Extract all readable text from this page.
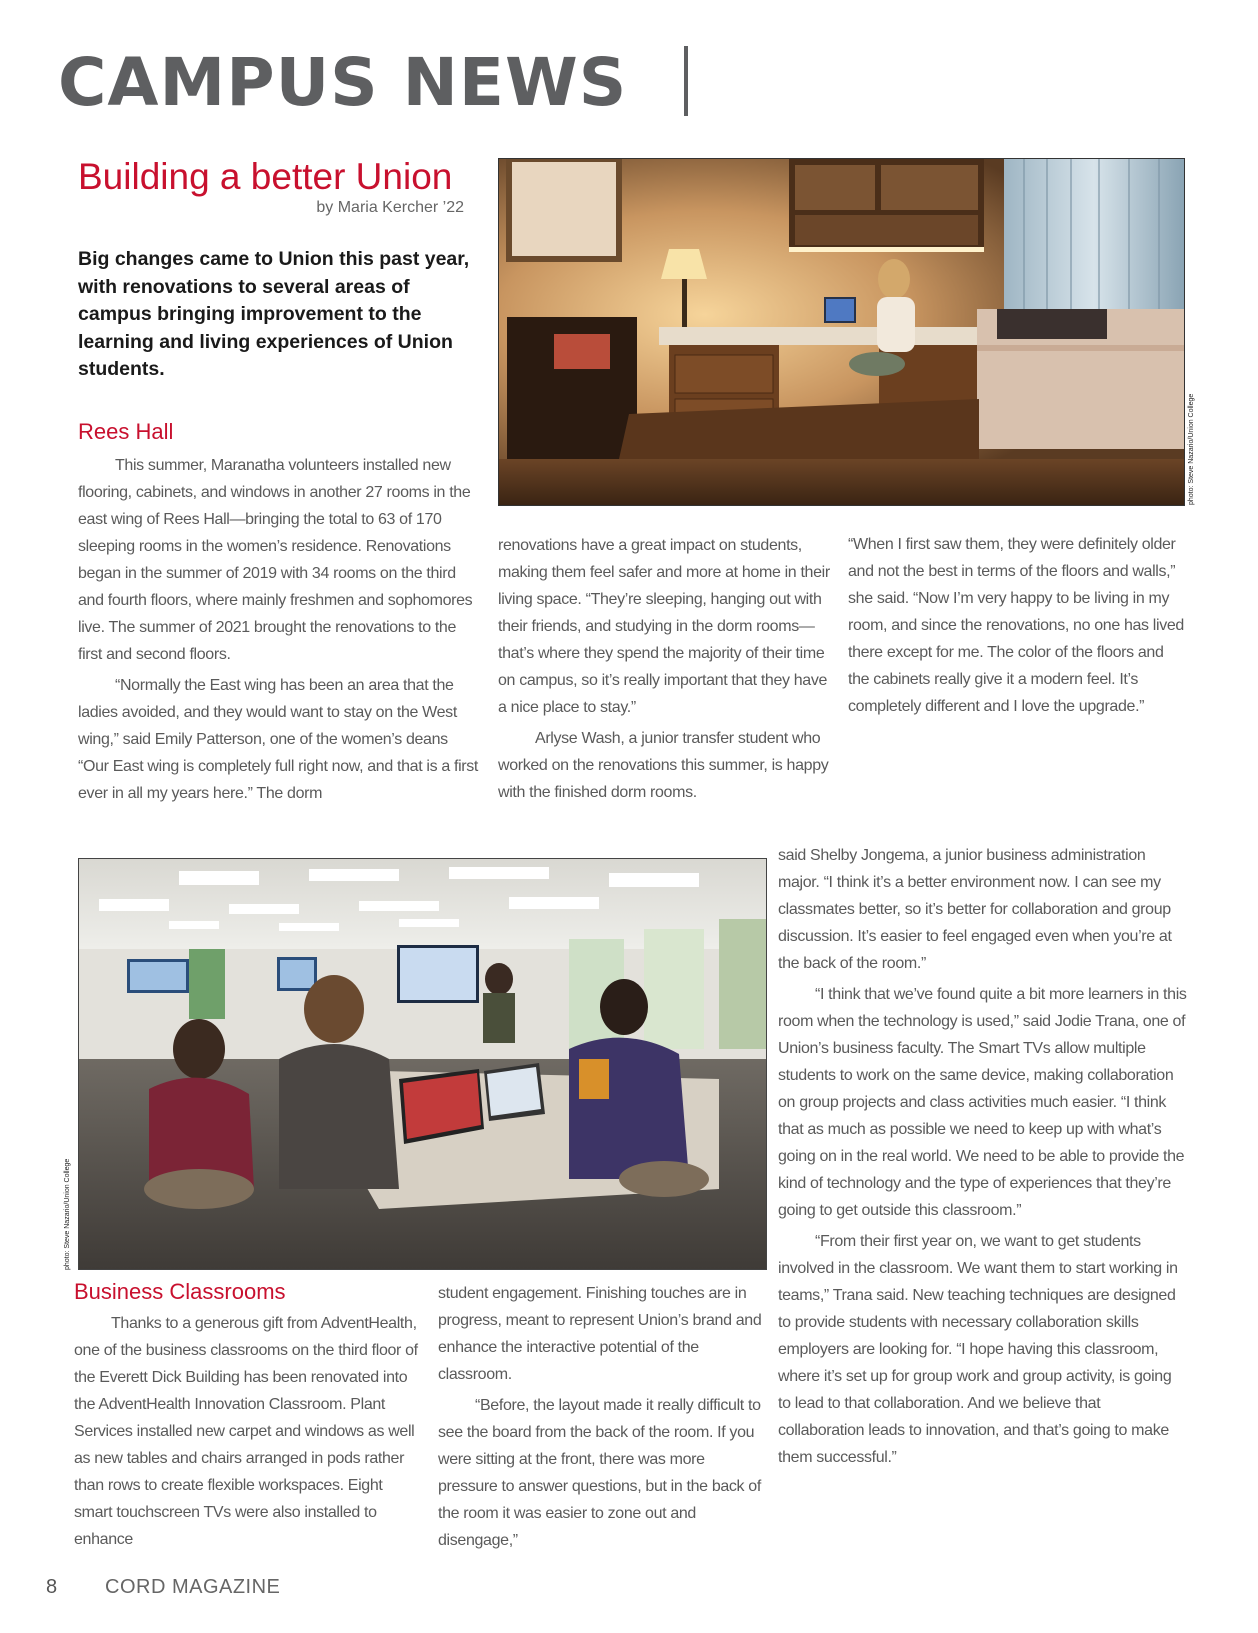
CAMPUS NEWS
Building a better Union
by Maria Kercher ’22
Big changes came to Union this past year, with renovations to several areas of campus bringing improvement to the learning and living experiences of Union students.
photo: Steve Nazario/Union College
Rees Hall

This summer, Maranatha volunteers installed new flooring, cabinets, and windows in another 27 rooms in the east wing of Rees Hall—bringing the total to 63 of 170 sleeping rooms in the women’s residence. Renovations began in the summer of 2019 with 34 rooms on the third and fourth floors, where mainly freshmen and sophomores live. The summer of 2021 brought the renovations to the first and second floors.

“Normally the East wing has been an area that the ladies avoided, and they would want to stay on the West wing,” said Emily Patterson, one of the women’s deans “Our East wing is completely full right now, and that is a first ever in all my years here.” The dorm

renovations have a great impact on students, making them feel safer and more at home in their living space. “They’re sleeping, hanging out with their friends, and studying in the dorm rooms—that’s where they spend the majority of their time on campus, so it’s really important that they have a nice place to stay.”

Arlyse Wash, a junior transfer student who worked on the renovations this summer, is happy with the finished dorm rooms.

“When I first saw them, they were definitely older and not the best in terms of the floors and walls,” she said. “Now I’m very happy to be living in my room, and since the renovations, no one has lived there except for me. The color of the floors and the cabinets really give it a modern feel. It’s completely different and I love the upgrade.”

photo: Steve Nazario/Union College

said Shelby Jongema, a junior business administration major. “I think it’s a better environment now. I can see my classmates better, so it’s better for collaboration and group discussion. It’s easier to feel engaged even when you’re at the back of the room.”

“I think that we’ve found quite a bit more learners in this room when the technology is used,” said Jodie Trana, one of Union’s business faculty. The Smart TVs allow multiple students to work on the same device, making collaboration on group projects and class activities much easier. “I think that as much as possible we need to keep up with what’s going on in the real world. We need to be able to provide the kind of technology and the type of experiences that they’re going to get outside this classroom.”

“From their first year on, we want to get students involved in the classroom. We want them to start working in teams,” Trana said. New teaching techniques are designed to provide students with necessary collaboration skills employers are looking for. “I hope having this classroom, where it’s set up for group work and group activity, is going to lead to that collaboration. And we believe that collaboration leads to innovation, and that’s going to make them successful.”

Business Classrooms

Thanks to a generous gift from AdventHealth, one of the business classrooms on the third floor of the Everett Dick Building has been renovated into the AdventHealth Innovation Classroom. Plant Services installed new carpet and windows as well as new tables and chairs arranged in pods rather than rows to create flexible workspaces. Eight smart touchscreen TVs were also installed to enhance

student engagement. Finishing touches are in progress, meant to represent Union’s brand and enhance the interactive potential of the classroom.

“Before, the layout made it really difficult to see the board from the back of the room. If you were sitting at the front, there was more pressure to answer questions, but in the back of the room it was easier to zone out and disengage,”

8 CORD MAGAZINE
